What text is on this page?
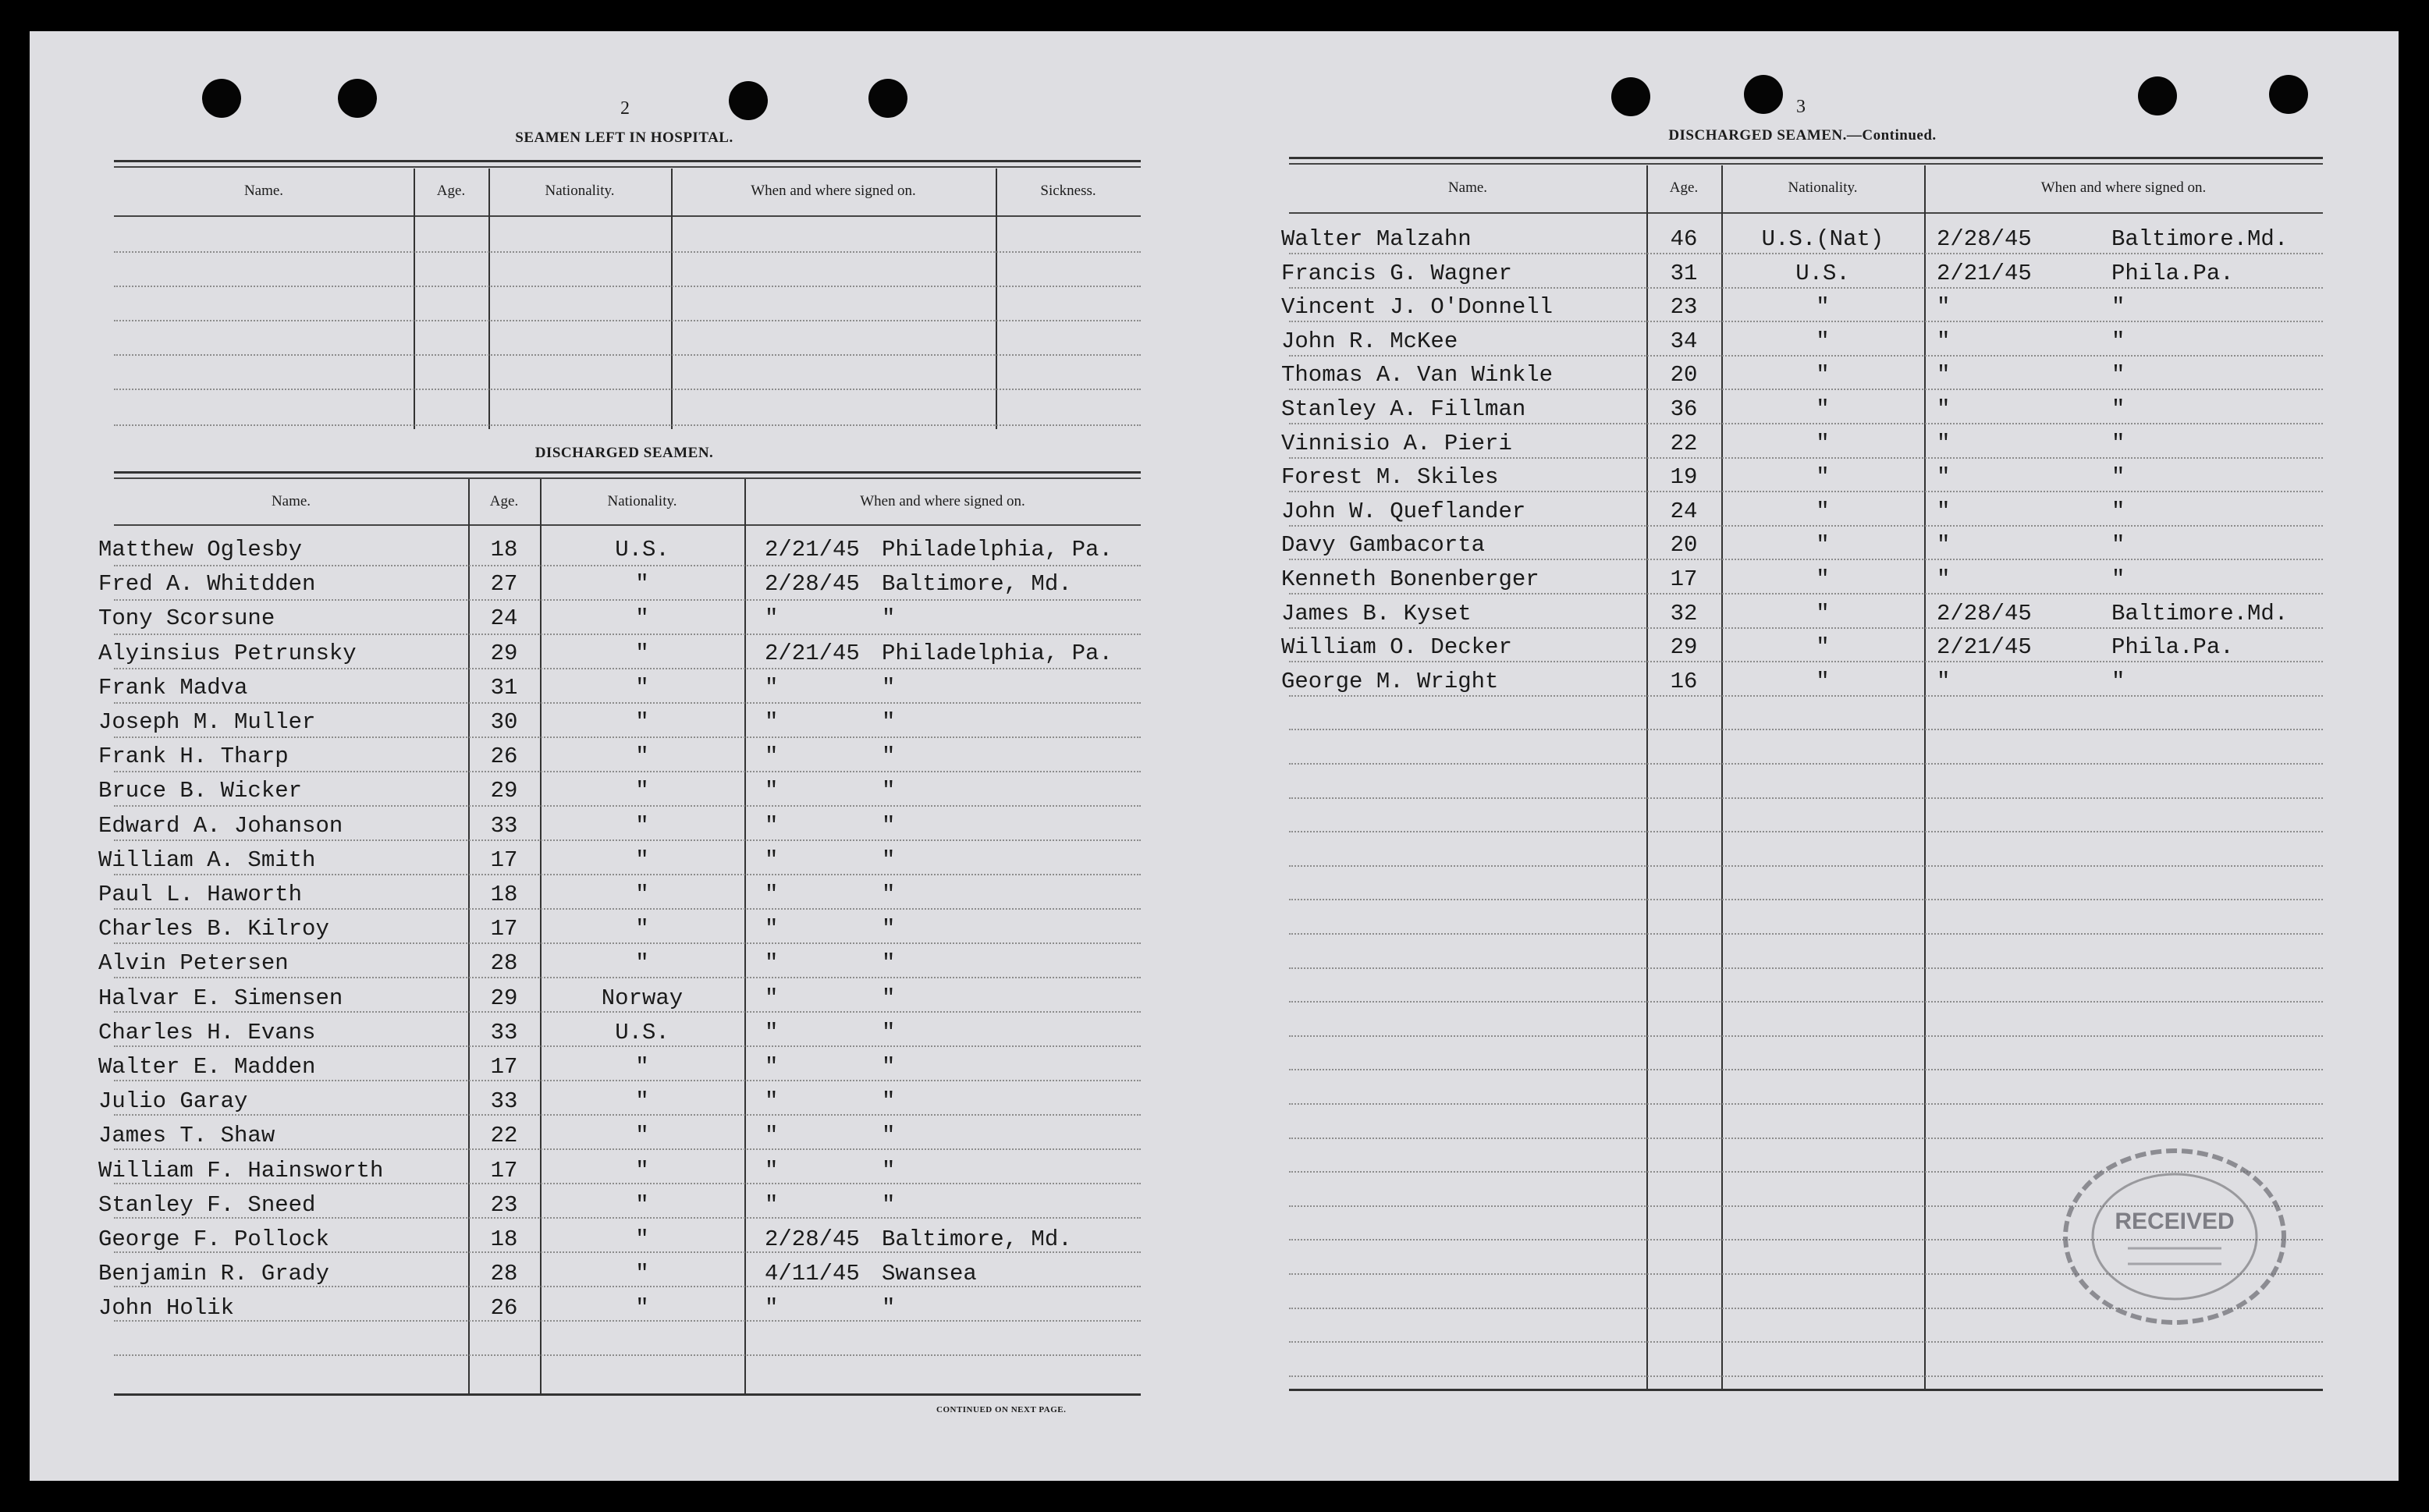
2
SEAMEN LEFT IN HOSPITAL.
Name.	Age.	Nationality.	When and where signed on.	Sickness.
DISCHARGED SEAMEN.
Name.	Age.	Nationality.	When and where signed on.
Matthew Oglesby	18	U.S.	2/21/45 Philadelphia, Pa.
Fred A. Whitdden	27	"	2/28/45 Baltimore, Md.
Tony Scorsune	24	"	"	"
Alyinsius Petrunsky	29	"	2/21/45 Philadelphia, Pa.
Frank Madva	31	"	"	"
Joseph M. Muller	30	"	"	"
Frank H. Tharp	26	"	"	"
Bruce B. Wicker	29	"	"	"
Edward A. Johanson	33	"	"	"
William A. Smith	17	"	"	"
Paul L. Haworth	18	"	"	"
Charles B. Kilroy	17	"	"	"
Alvin Petersen	28	"	"	"
Halvar E. Simensen	29	Norway	"	"
Charles H. Evans	33	U.S.	"	"
Walter E. Madden	17	"	"	"
Julio Garay	33	"	"	"
James T. Shaw	22	"	"	"
William F. Hainsworth	17	"	"	"
Stanley F. Sneed	23	"	"	"
George F. Pollock	18	"	2/28/45 Baltimore, Md.
Benjamin R. Grady	28	"	4/11/45 Swansea
John Holik	26	"	"	"
CONTINUED ON NEXT PAGE.
3
DISCHARGED SEAMEN.—Continued.
Name.	Age.	Nationality.	When and where signed on.
Walter Malzahn	46	U.S.(Nat)	2/28/45	Baltimore.Md.
Francis G. Wagner	31	U.S.	2/21/45	Phila.Pa.
Vincent J. O'Donnell	23	"	"	"
John R. McKee	34	"	"	"
Thomas A. Van Winkle	20	"	"	"
Stanley A. Fillman	36	"	"	"
Vinnisio A. Pieri	22	"	"	"
Forest M. Skiles	19	"	"	"
John W. Queflander	24	"	"	"
Davy Gambacorta	20	"	"	"
Kenneth Bonenberger	17	"	"	"
James B. Kyset	32	"	2/28/45	Baltimore.Md.
William O. Decker	29	"	2/21/45	Phila.Pa.
George M. Wright	16	"	"	"
RECEIVED
